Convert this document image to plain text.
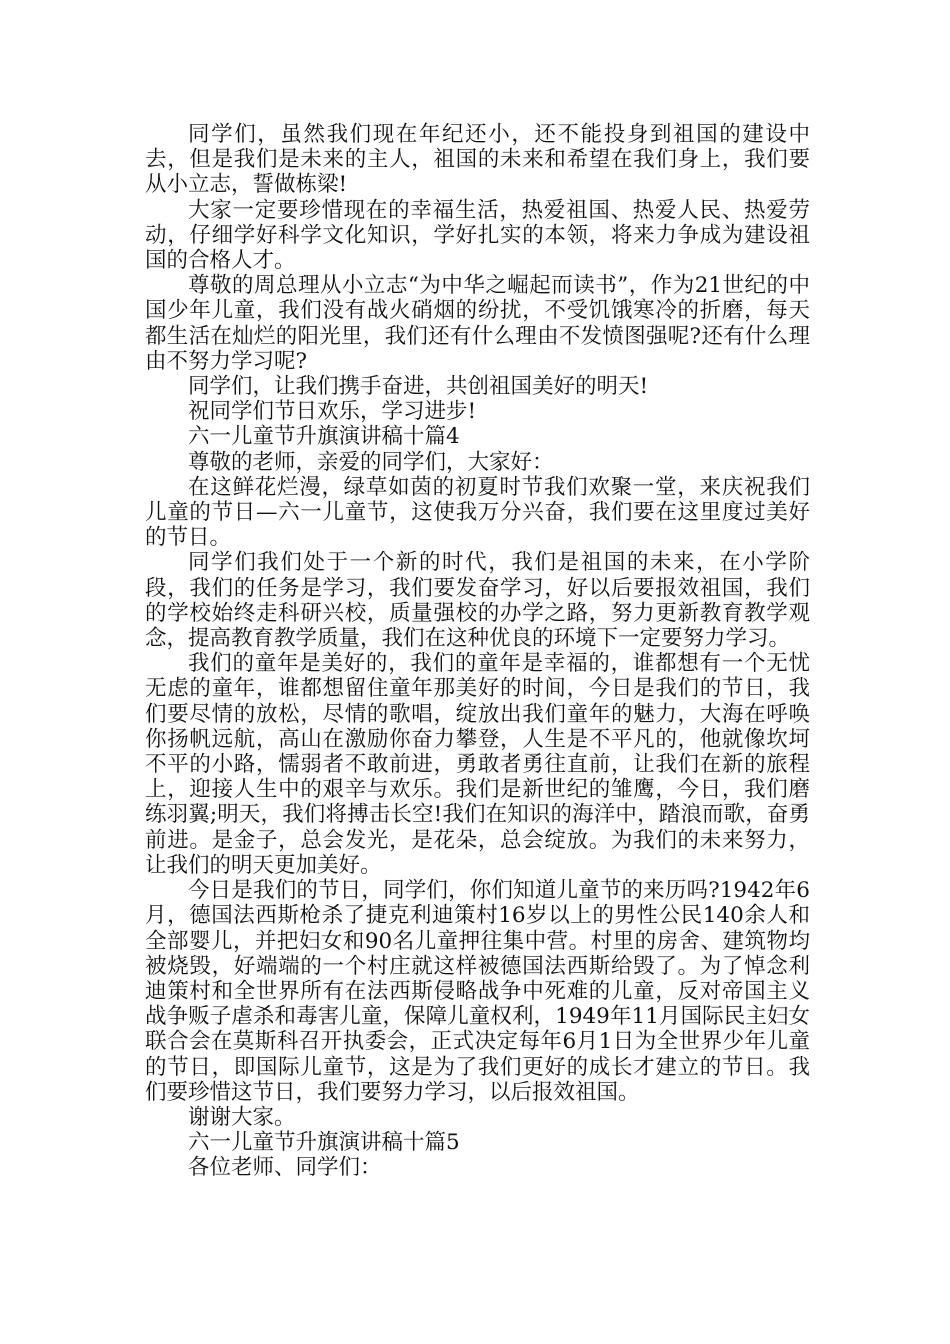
同学们，虽然我们现在年纪还小，还不能投身到祖国的建设中去，但是我们是未来的主人，祖国的未来和希望在我们身上，我们要从小立志，誓做栋梁!

大家一定要珍惜现在的幸福生活，热爱祖国、热爱人民、热爱劳动，仔细学好科学文化知识，学好扎实的本领，将来力争成为建设祖国的合格人才。

尊敬的周总理从小立志“为中华之崛起而读书”，作为21世纪的中国少年儿童，我们没有战火硝烟的纷扰，不受饥饿寒冷的折磨，每天都生活在灿烂的阳光里，我们还有什么理由不发愤图强呢?还有什么理由不努力学习呢?

同学们，让我们携手奋进，共创祖国美好的明天!

祝同学们节日欢乐，学习进步!

六一儿童节升旗演讲稿十篇4

尊敬的老师，亲爱的同学们，大家好：

在这鲜花烂漫，绿草如茵的初夏时节我们欢聚一堂，来庆祝我们儿童的节日—六一儿童节，这使我万分兴奋，我们要在这里度过美好的节日。

同学们我们处于一个新的时代，我们是祖国的未来，在小学阶段，我们的任务是学习，我们要发奋学习，好以后要报效祖国，我们的学校始终走科研兴校，质量强校的办学之路，努力更新教育教学观念，提高教育教学质量，我们在这种优良的环境下一定要努力学习。

我们的童年是美好的，我们的童年是幸福的，谁都想有一个无忧无虑的童年，谁都想留住童年那美好的时间，今日是我们的节日，我们要尽情的放松，尽情的歌唱，绽放出我们童年的魅力，大海在呼唤你扬帆远航，高山在激励你奋力攀登，人生是不平凡的，他就像坎坷不平的小路，懦弱者不敢前进，勇敢者勇往直前，让我们在新的旅程上，迎接人生中的艰辛与欢乐。我们是新世纪的雏鹰，今日，我们磨练羽翼;明天，我们将搏击长空!我们在知识的海洋中，踏浪而歌，奋勇前进。是金子，总会发光，是花朵，总会绽放。为我们的未来努力，让我们的明天更加美好。

今日是我们的节日，同学们，你们知道儿童节的来历吗?1942年6月，德国法西斯枪杀了捷克利迪策村16岁以上的男性公民140余人和全部婴儿，并把妇女和90名儿童押往集中营。村里的房舍、建筑物均被烧毁，好端端的一个村庄就这样被德国法西斯给毁了。为了悼念利迪策村和全世界所有在法西斯侵略战争中死难的儿童，反对帝国主义战争贩子虐杀和毒害儿童，保障儿童权利，1949年11月国际民主妇女联合会在莫斯科召开执委会，正式决定每年6月1日为全世界少年儿童的节日，即国际儿童节，这是为了我们更好的成长才建立的节日。我们要珍惜这节日，我们要努力学习，以后报效祖国。

谢谢大家。

六一儿童节升旗演讲稿十篇5

各位老师、同学们：
